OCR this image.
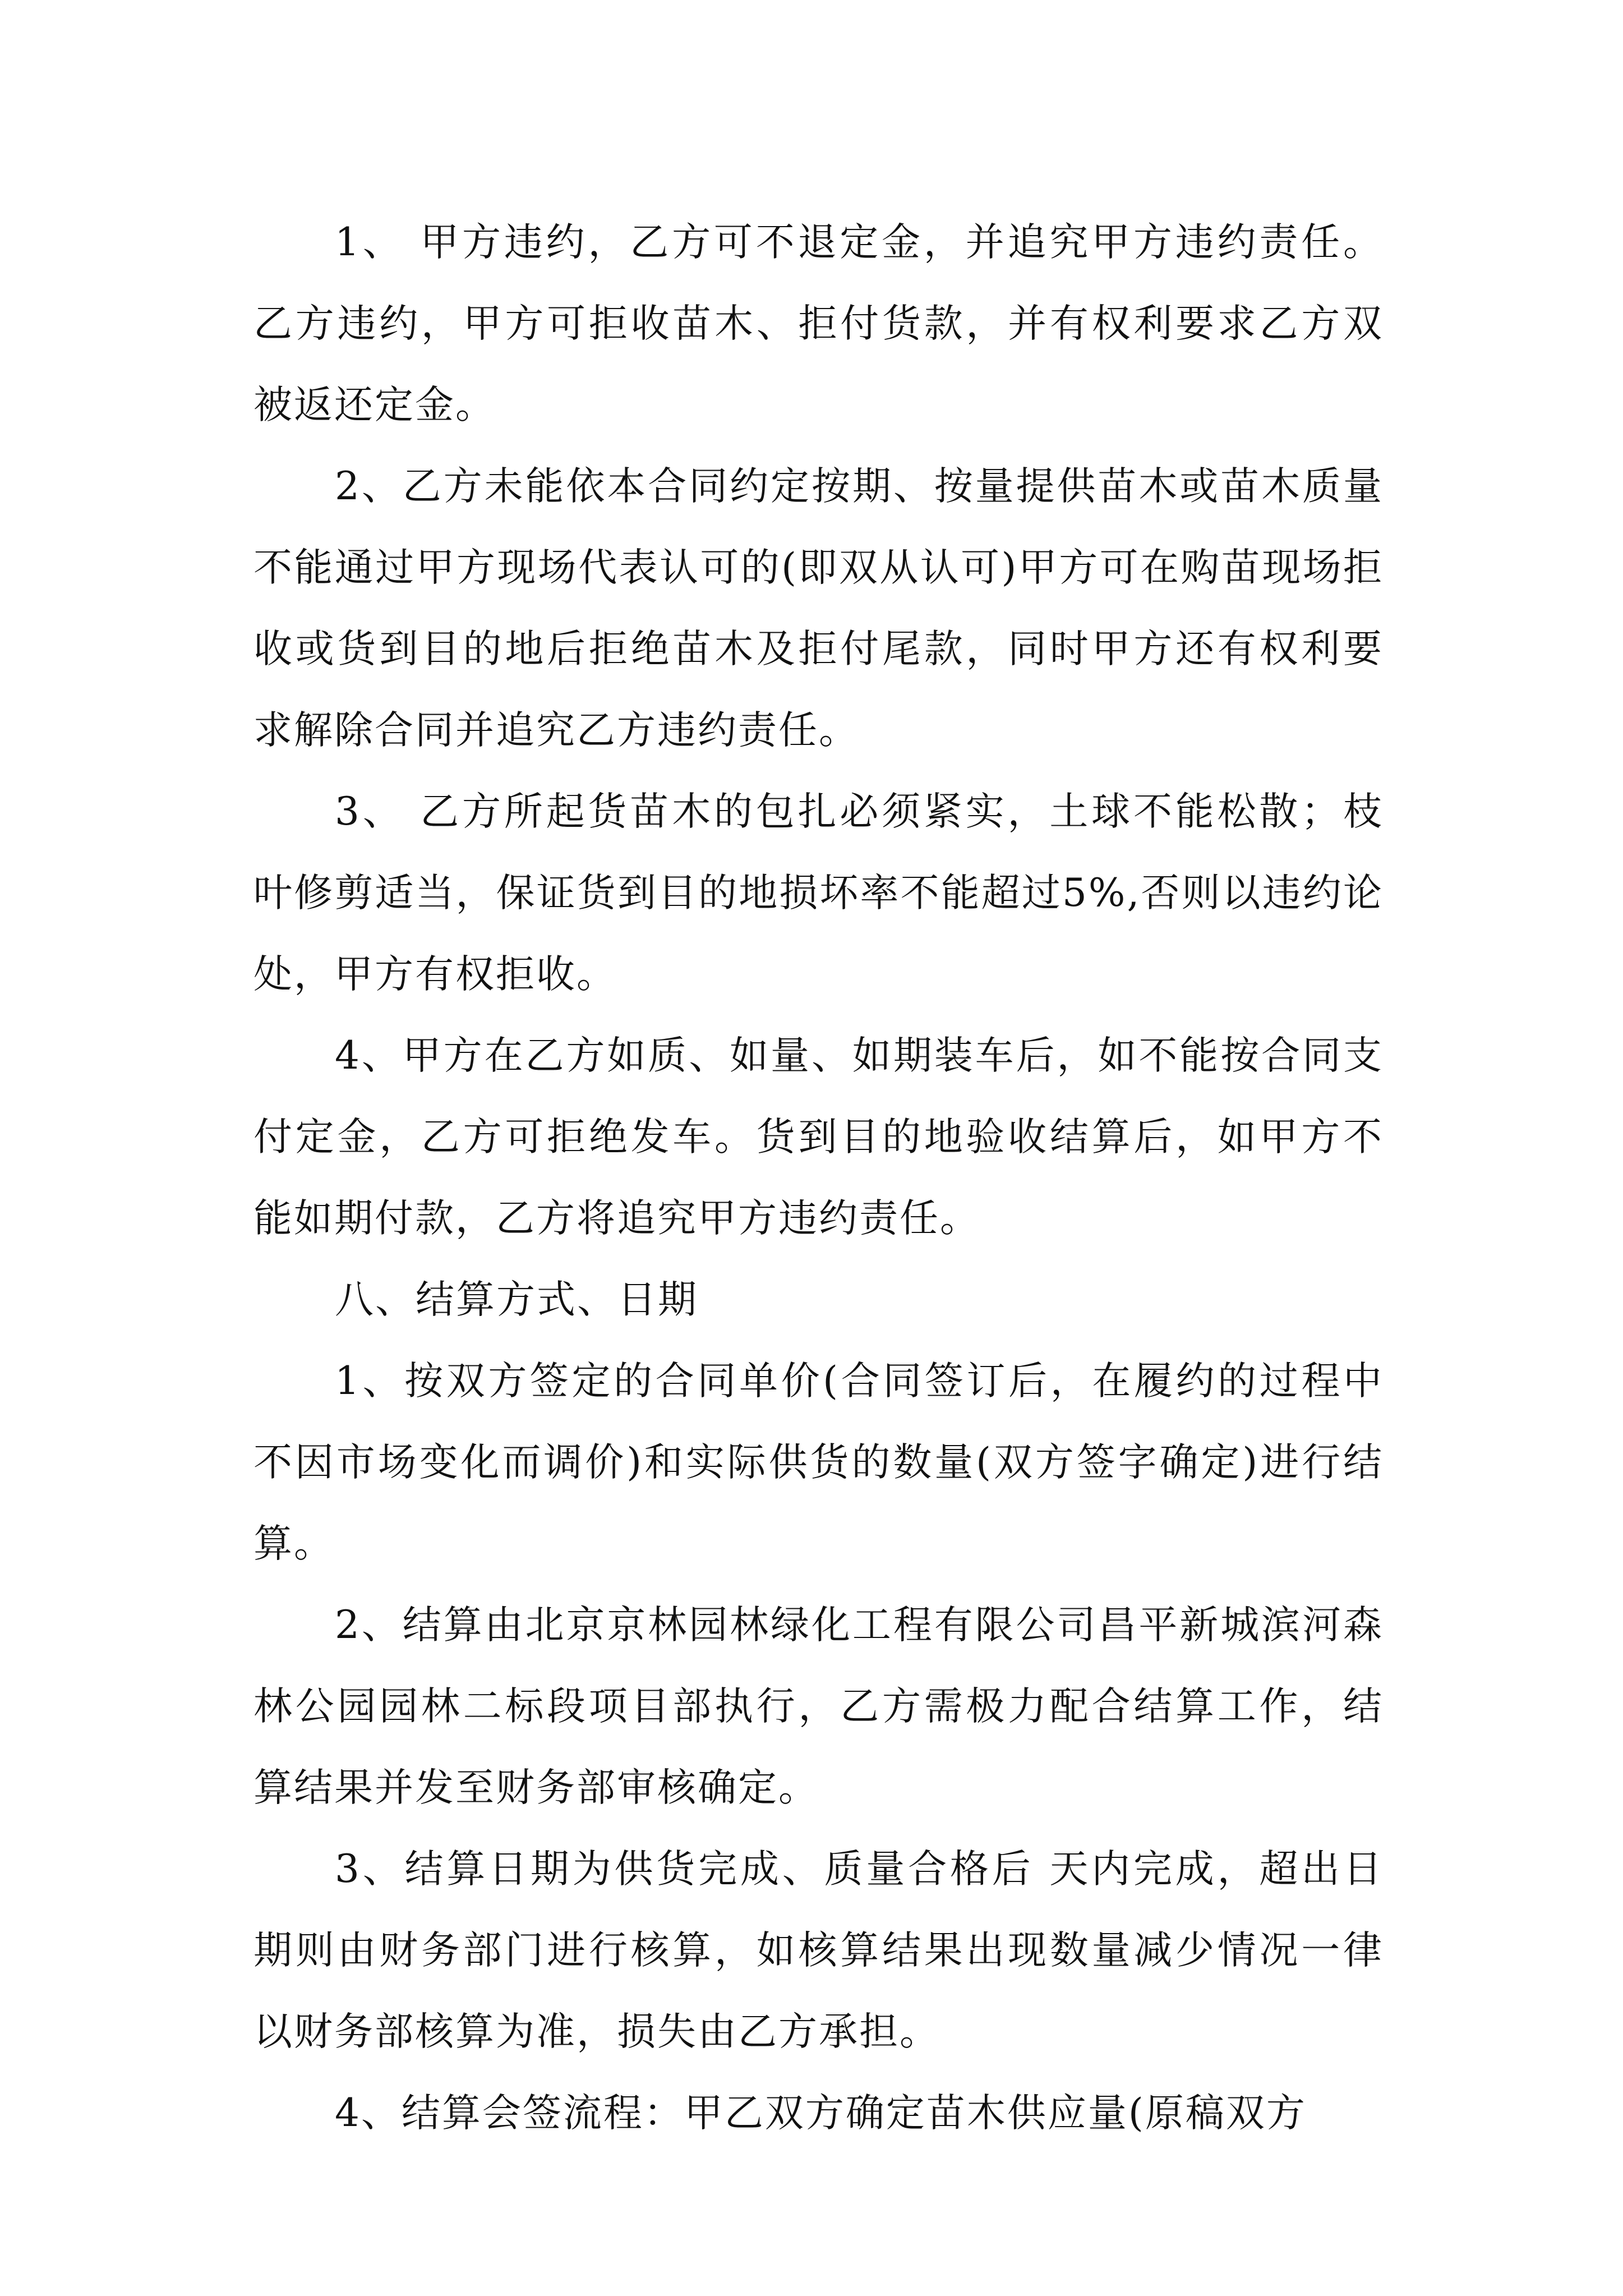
1、 甲方违约，乙方可不退定金，并追究甲方违约责任。乙方违约，甲方可拒收苗木、拒付货款，并有权利要求乙方双被返还定金。

2、乙方未能依本合同约定按期、按量提供苗木或苗木质量不能通过甲方现场代表认可的(即双从认可)甲方可在购苗现场拒收或货到目的地后拒绝苗木及拒付尾款，同时甲方还有权利要求解除合同并追究乙方违约责任。

3、 乙方所起货苗木的包扎必须紧实，土球不能松散；枝叶修剪适当，保证货到目的地损坏率不能超过5%,否则以违约论处，甲方有权拒收。

4、甲方在乙方如质、如量、如期装车后，如不能按合同支付定金，乙方可拒绝发车。货到目的地验收结算后，如甲方不能如期付款，乙方将追究甲方违约责任。

八、结算方式、日期

1、按双方签定的合同单价(合同签订后，在履约的过程中不因市场变化而调价)和实际供货的数量(双方签字确定)进行结算。

2、结算由北京京林园林绿化工程有限公司昌平新城滨河森林公园园林二标段项目部执行，乙方需极力配合结算工作，结算结果并发至财务部审核确定。

3、结算日期为供货完成、质量合格后 天内完成，超出日期则由财务部门进行核算，如核算结果出现数量减少情况一律以财务部核算为准，损失由乙方承担。

4、结算会签流程：甲乙双方确定苗木供应量(原稿双方
